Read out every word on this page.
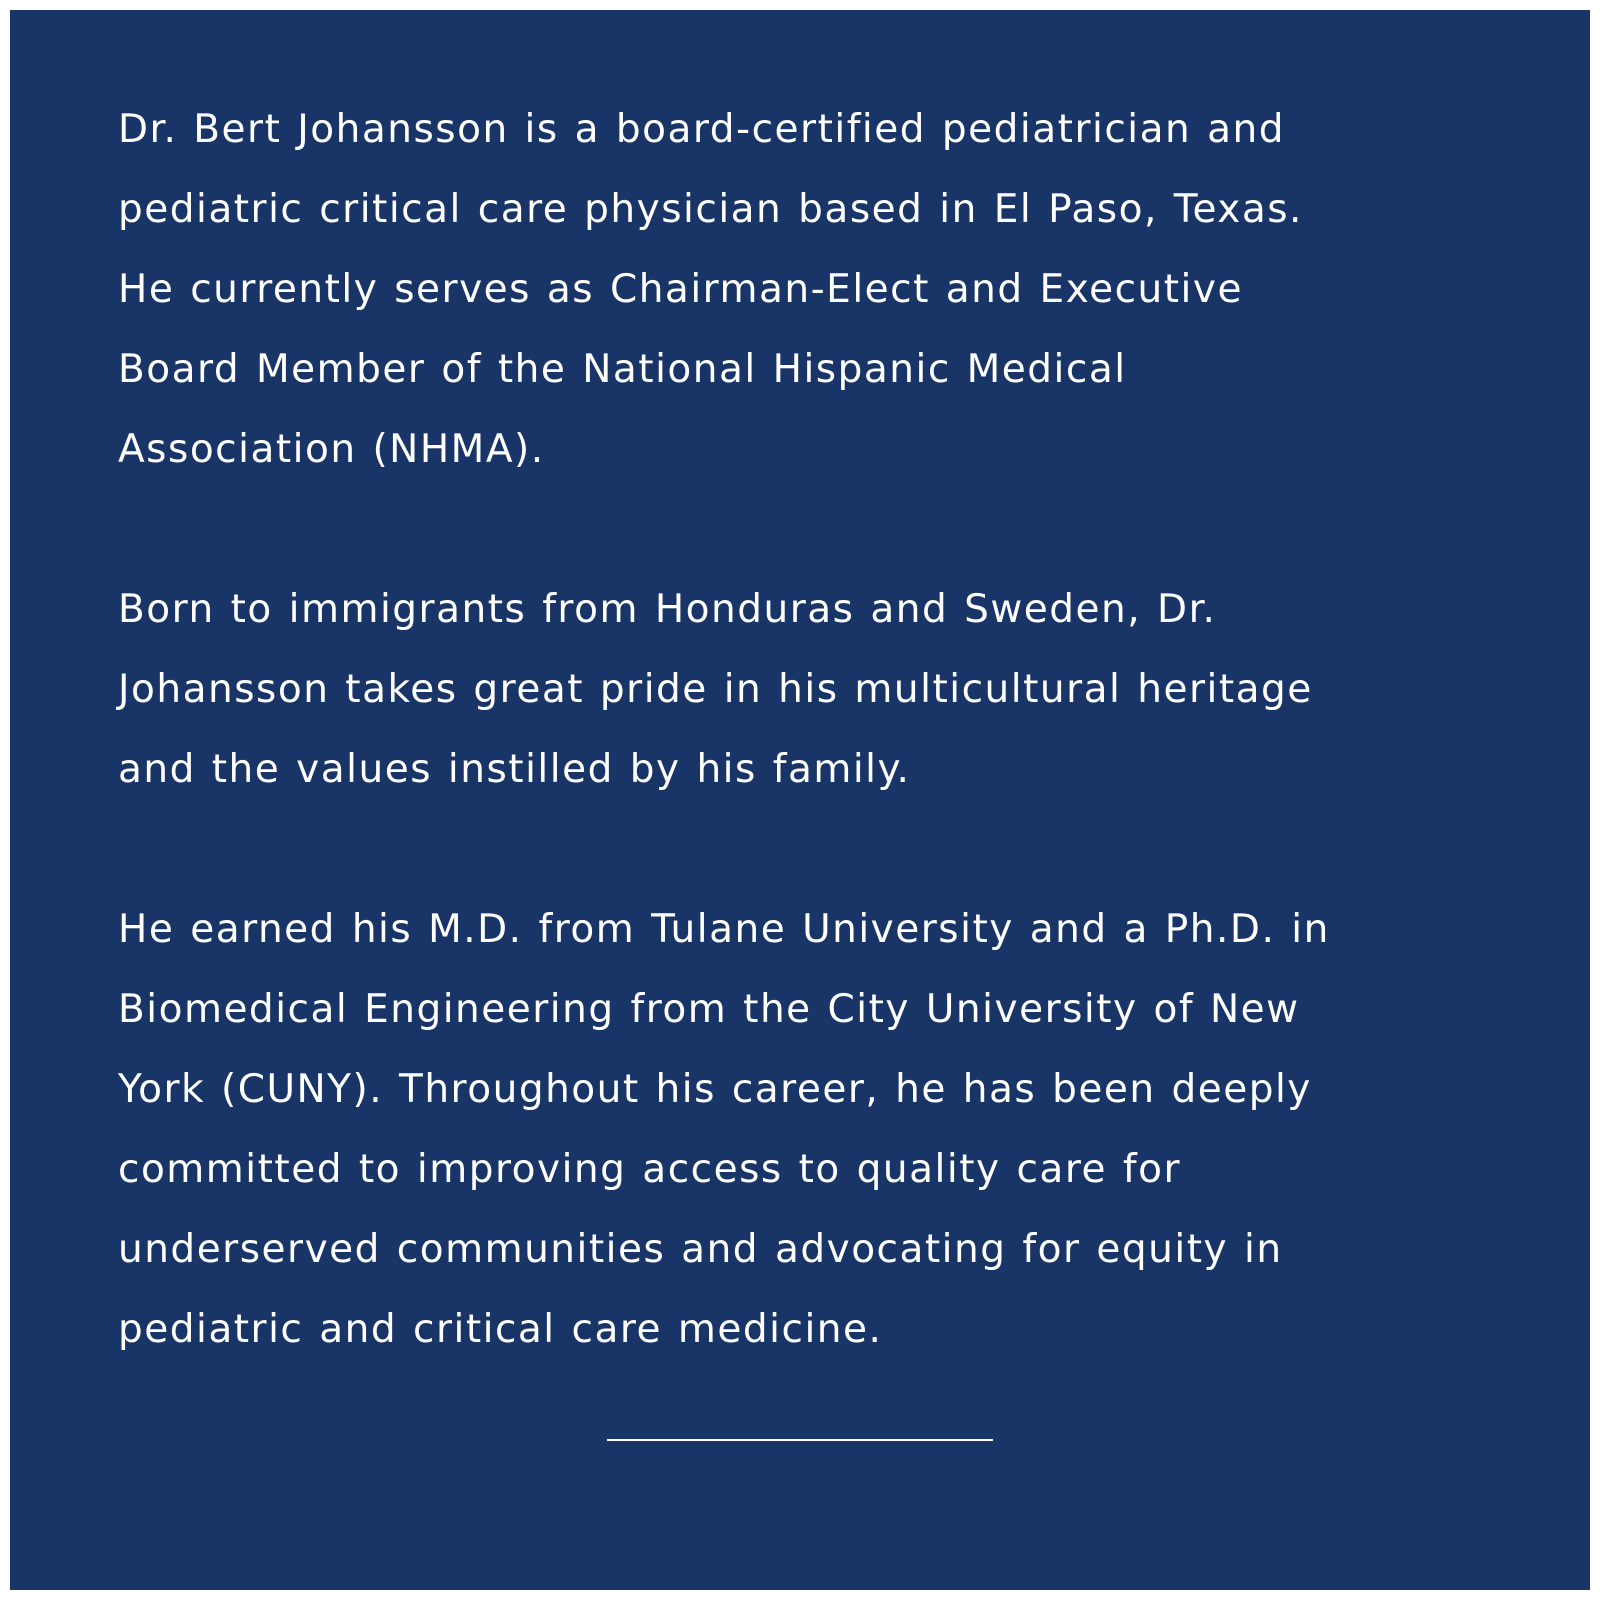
Dr. Bert Johansson is a board-certified pediatrician and
pediatric critical care physician based in El Paso, Texas.
He currently serves as Chairman-Elect and Executive
Board Member of the National Hispanic Medical
Association (NHMA).

Born to immigrants from Honduras and Sweden, Dr.
Johansson takes great pride in his multicultural heritage
and the values instilled by his family.

He earned his M.D. from Tulane University and a Ph.D. in
Biomedical Engineering from the City University of New
York (CUNY). Throughout his career, he has been deeply
committed to improving access to quality care for
underserved communities and advocating for equity in
pediatric and critical care medicine.
